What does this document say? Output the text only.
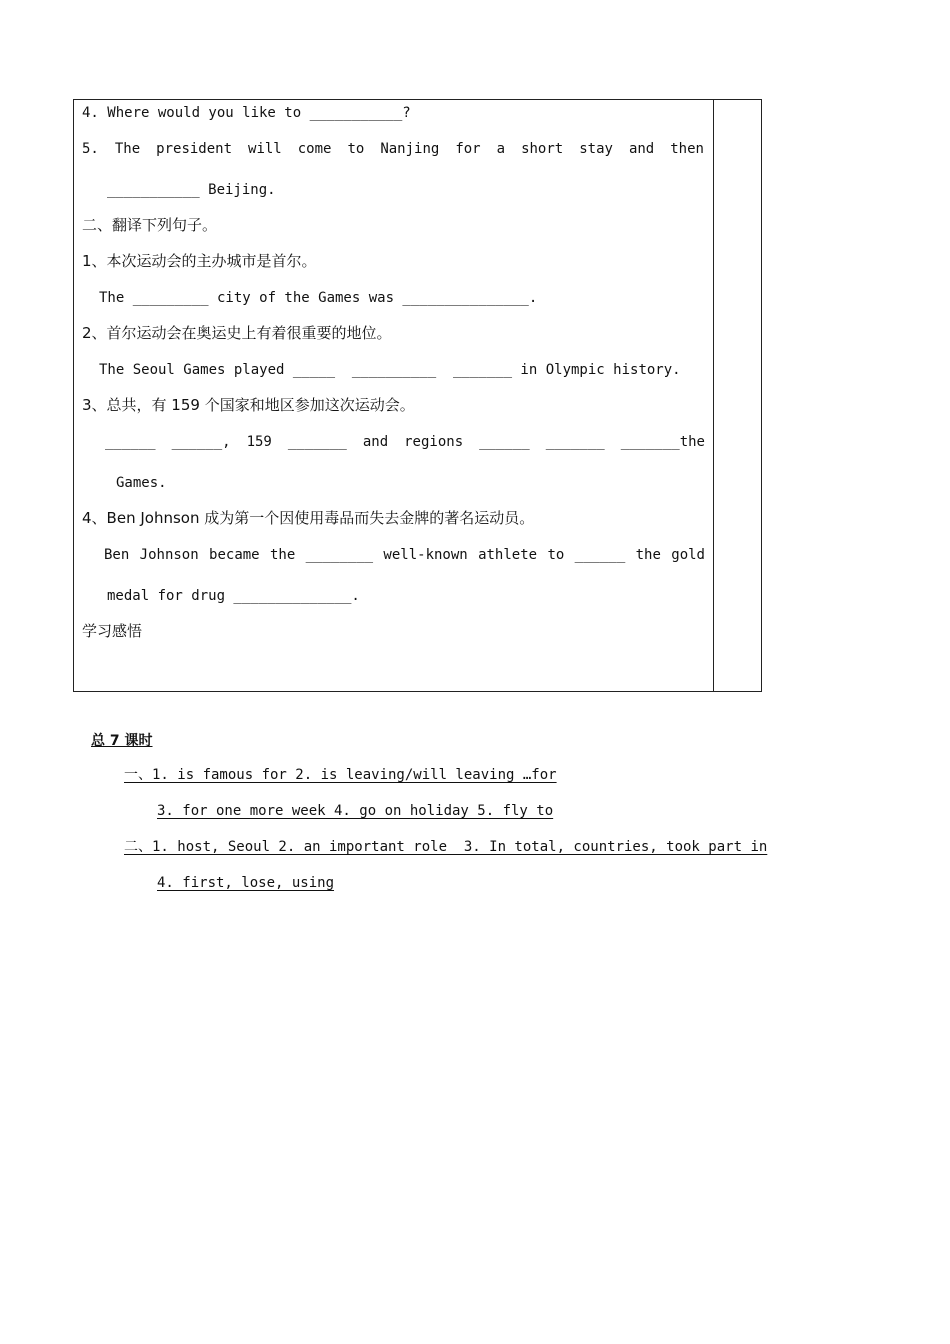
4. Where would you like to ___________?
5. The president will come to Nanjing for a short stay and then
___________ Beijing.
二、翻译下列句子。
1、本次运动会的主办城市是首尔。
The _________ city of the Games was _______________.
2、首尔运动会在奥运史上有着很重要的地位。
The Seoul Games played _____  __________  _______ in Olympic history.
3、总共，有 159 个国家和地区参加这次运动会。
______ ______, 159 _______ and regions ______ _______ _______the
Games.
4、Ben Johnson 成为第一个因使用毒品而失去金牌的著名运动员。
Ben Johnson became the ________ well-known athlete to ______ the gold
medal for drug ______________.
学习感悟
总 7 课时
一、1. is famous for 2. is leaving/will leaving …for
3. for one more week 4. go on holiday 5. fly to
二、1. host, Seoul 2. an important role  3. In total, countries, took part in
4. first, lose, using
